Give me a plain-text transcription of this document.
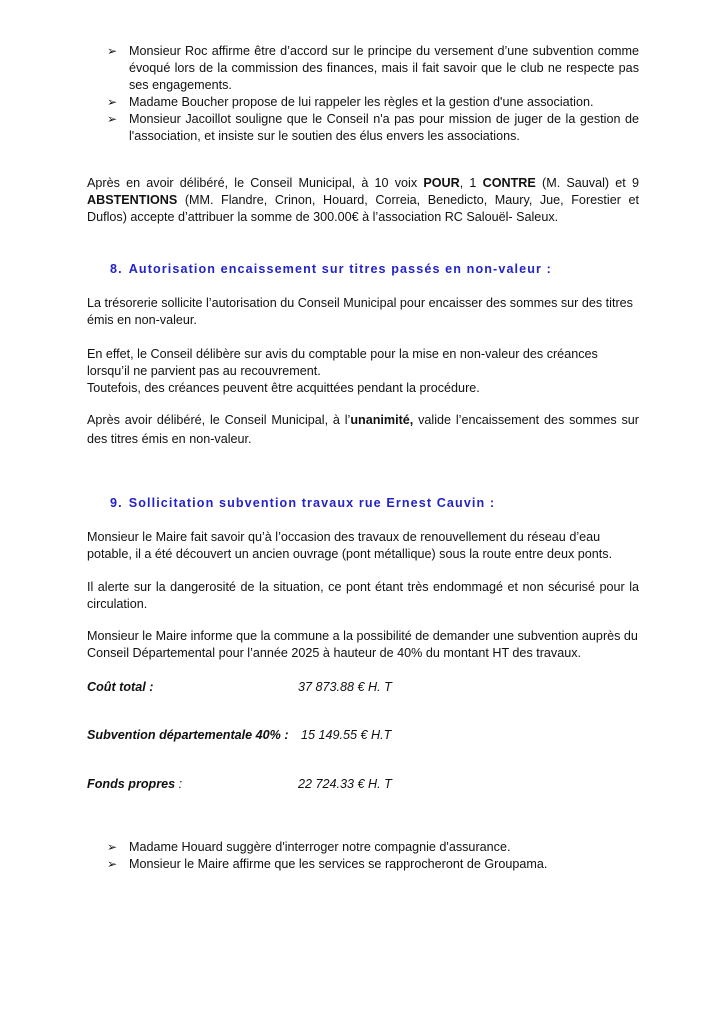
➢ Monsieur Roc affirme être d’accord sur le principe du versement d’une subvention comme évoqué lors de la commission des finances, mais il fait savoir que le club ne respecte pas ses engagements.
➢ Madame Boucher propose de lui rappeler les règles et la gestion d'une association.
➢ Monsieur Jacoillot souligne que le Conseil n'a pas pour mission de juger de la gestion de l'association, et insiste sur le soutien des élus envers les associations.

Après en avoir délibéré, le Conseil Municipal, à 10 voix POUR, 1 CONTRE (M. Sauval) et 9 ABSTENTIONS (MM. Flandre, Crinon, Houard, Correia, Benedicto, Maury, Jue, Forestier et Duflos) accepte d’attribuer la somme de 300.00€ à l’association RC Salouël- Saleux.

8. Autorisation encaissement sur titres passés en non-valeur :

La trésorerie sollicite l’autorisation du Conseil Municipal pour encaisser des sommes sur des titres émis en non-valeur.

En effet, le Conseil délibère sur avis du comptable pour la mise en non-valeur des créances lorsqu’il ne parvient pas au recouvrement.

Toutefois, des créances peuvent être acquittées pendant la procédure.

Après avoir délibéré, le Conseil Municipal, à l’unanimité, valide l’encaissement des sommes sur des titres émis en non-valeur.

9. Sollicitation subvention travaux rue Ernest Cauvin :

Monsieur le Maire fait savoir qu’à l’occasion des travaux de renouvellement du réseau d’eau potable, il a été découvert un ancien ouvrage (pont métallique) sous la route entre deux ponts.

Il alerte sur la dangerosité de la situation, ce pont étant très endommagé et non sécurisé pour la circulation.

Monsieur le Maire informe que la commune a la possibilité de demander une subvention auprès du Conseil Départemental pour l’année 2025 à hauteur de 40% du montant HT des travaux.

Coût total :	37 873.88 € H. T
Subvention départementale 40% : 15 149.55 € H.T
Fonds propres :	22 724.33 € H. T
➢ Madame Houard suggère d'interroger notre compagnie d'assurance.
➢ Monsieur le Maire affirme que les services se rapprocheront de Groupama.
